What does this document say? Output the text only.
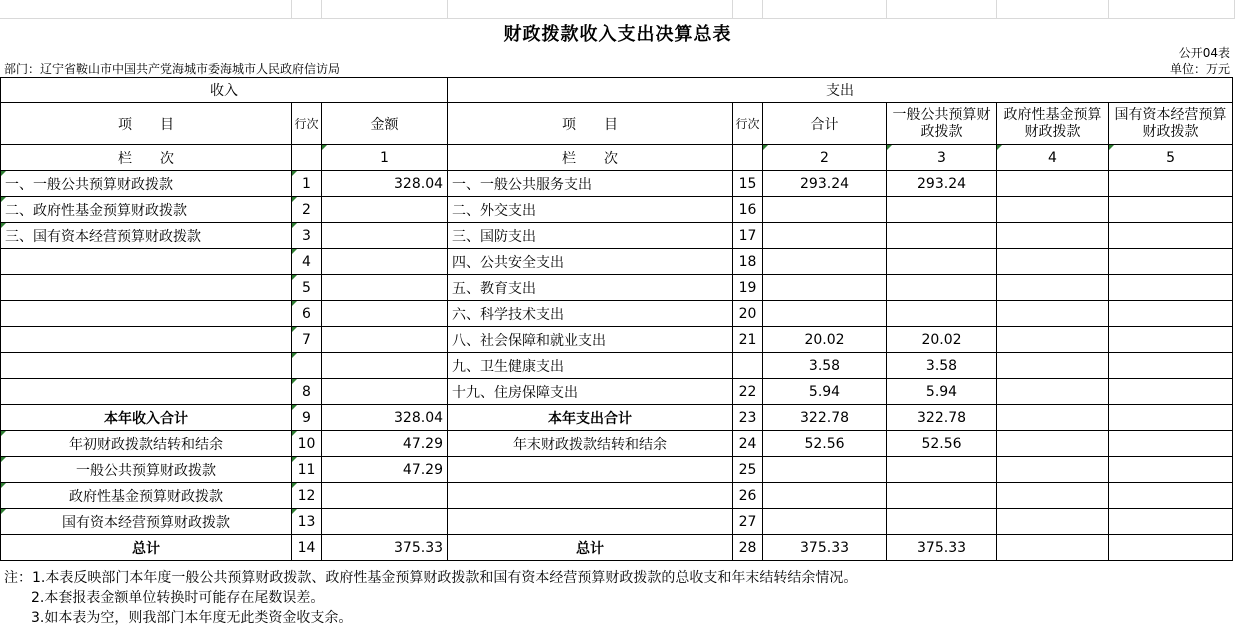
财政拨款收入支出决算总表
公开04表
部门：辽宁省鞍山市中国共产党海城市委海城市人民政府信访局	单位：万元
收入			支出					
项　　目	行次	金额	项　　目	行次	合计	一般公共预算财政拨款	政府性基金预算财政拨款	国有资本经营预算财政拨款
栏　　次		1	栏　　次		2	3	4	5
一、一般公共预算财政拨款	1	328.04	一、一般公共服务支出	15	293.24	293.24		
二、政府性基金预算财政拨款	2		二、外交支出	16				
三、国有资本经营预算财政拨款	3		三、国防支出	17				
	4		四、公共安全支出	18				
	5		五、教育支出	19				
	6		六、科学技术支出	20				
	7		八、社会保障和就业支出	21	20.02	20.02		
			九、卫生健康支出		3.58	3.58		
	8		十九、住房保障支出	22	5.94	5.94		
本年收入合计	9	328.04	本年支出合计	23	322.78	322.78		
年初财政拨款结转和结余	10	47.29	年末财政拨款结转和结余	24	52.56	52.56		
一般公共预算财政拨款	11	47.29		25				
政府性基金预算财政拨款	12			26				
国有资本经营预算财政拨款	13			27				
总计	14	375.33	总计	28	375.33	375.33		
注：1.本表反映部门本年度一般公共预算财政拨款、政府性基金预算财政拨款和国有资本经营预算财政拨款的总收支和年末结转结余情况。
2.本套报表金额单位转换时可能存在尾数误差。
3.如本表为空，则我部门本年度无此类资金收支余。
